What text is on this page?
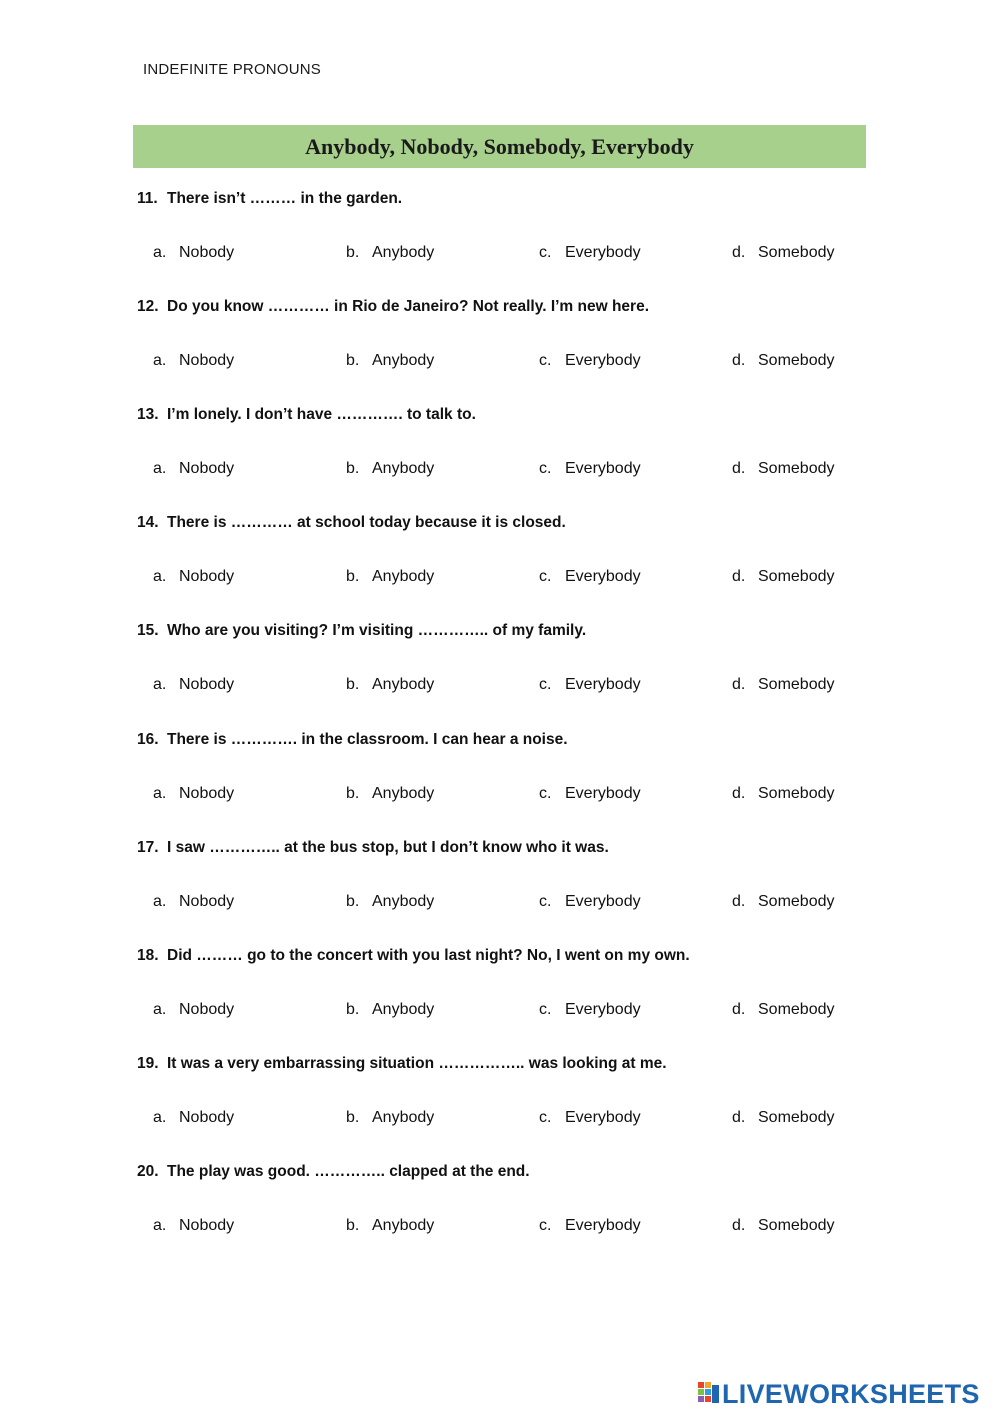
INDEFINITE PRONOUNS
Anybody, Nobody, Somebody, Everybody
11. There isn’t ……… in the garden.
a. Nobody	b. Anybody	c. Everybody	d. Somebody
12. Do you know ………… in Rio de Janeiro? Not really. I’m new here.
a. Nobody	b. Anybody	c. Everybody	d. Somebody
13. I’m lonely. I don’t have …………. to talk to.
a. Nobody	b. Anybody	c. Everybody	d. Somebody
14. There is ………… at school today because it is closed.
a. Nobody	b. Anybody	c. Everybody	d. Somebody
15. Who are you visiting? I’m visiting ………….. of my family.
a. Nobody	b. Anybody	c. Everybody	d. Somebody
16. There is …………. in the classroom. I can hear a noise.
a. Nobody	b. Anybody	c. Everybody	d. Somebody
17. I saw ………….. at the bus stop, but I don’t know who it was.
a. Nobody	b. Anybody	c. Everybody	d. Somebody
18. Did ……… go to the concert with you last night? No, I went on my own.
a. Nobody	b. Anybody	c. Everybody	d. Somebody
19. It was a very embarrassing situation …………….. was looking at me.
a. Nobody	b. Anybody	c. Everybody	d. Somebody
20. The play was good. ………….. clapped at the end.
a. Nobody	b. Anybody	c. Everybody	d. Somebody
LIVEWORKSHEETS
